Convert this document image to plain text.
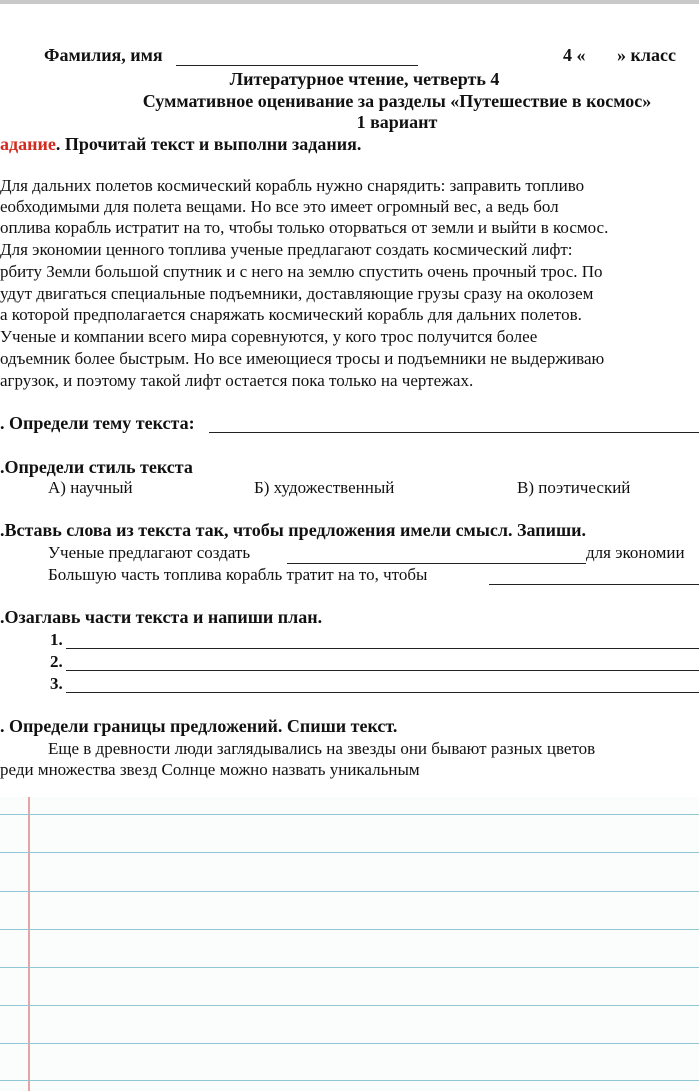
Фамилия, имя	4 « » класс
Литературное чтение, четверть 4
Суммативное оценивание за разделы «Путешествие в космос»
1 вариант
адание. Прочитай текст и выполни задания.
Для дальних полетов космический корабль нужно снарядить: заправить топливо
еобходимыми для полета вещами. Но все это имеет огромный вес, а ведь бол
оплива корабль истратит на то, чтобы только оторваться от земли и выйти в космос.
Для экономии ценного топлива ученые предлагают создать космический лифт:
рбиту Земли большой спутник и с него на землю спустить очень прочный трос. По
удут двигаться специальные подъемники, доставляющие грузы сразу на околозем
а которой предполагается снаряжать космический корабль для дальних полетов.
Ученые и компании всего мира соревнуются, у кого трос получится более
одъемник более быстрым. Но все имеющиеся тросы и подъемники не выдерживаю
агрузок, и поэтому такой лифт остается пока только на чертежах.
. Определи тему текста:
.Определи стиль текста
А) научный	Б) художественный	В) поэтический
.Вставь слова из текста так, чтобы предложения имели смысл. Запиши.
Ученые предлагают создать	для экономии
Большую часть топлива корабль тратит на то, чтобы
.Озаглавь части текста и напиши план.
1.
2.
3.
. Определи границы предложений. Спиши текст.
Еще в древности люди заглядывались на звезды они бывают разных цветов
реди множества звезд Солнце можно назвать уникальным
